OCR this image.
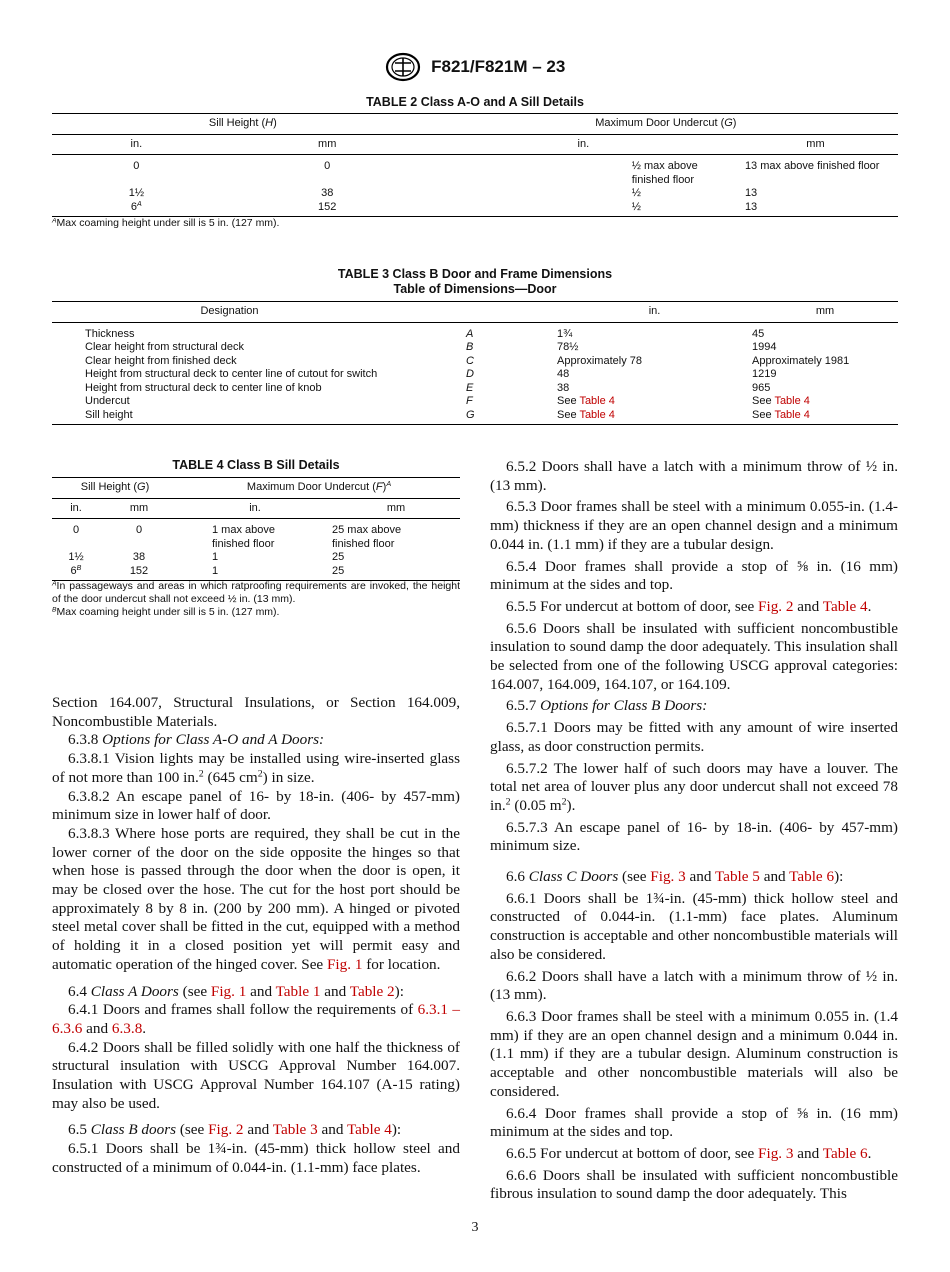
F821/F821M – 23
TABLE 2 Class A-O and A Sill Details
Sill Height (H)		Maximum Door Undercut (G)	
in.	mm	in.	mm
0	0	½ max above finished floor	13 max above finished floor
1½	38	½	13
$6^A$	152	½	13
$^A$Max coaming height under sill is 5 in. (127 mm).
TABLE 3 Class B Door and Frame Dimensions
Table of Dimensions—Door
Designation		in.	mm
Thickness	A	1¾	45
Clear height from structural deck	B	78½	1994
Clear height from finished deck	C	Approximately 78	Approximately 1981
Height from structural deck to center line of cutout for switch	D	48	1219
Height from structural deck to center line of knob	E	38	965
Undercut	F	See Table 4	See Table 4
Sill height	G	See Table 4	See Table 4
TABLE 4 Class B Sill Details
Sill Height (G)		Maximum Door Undercut $(F)^A$
in.	mm	in.	mm
0	0	1 max above finished floor	25 max above finished floor
1½	38	1	25
$6^B$	152	1	25
$^A$In passageways and areas in which ratproofing requirements are invoked, the height of the door undercut shall not exceed ½ in. (13 mm).
$^B$Max coaming height under sill is 5 in. (127 mm).

Section 164.007, Structural Insulations, or Section 164.009, Noncombustible Materials.

6.3.8 Options for Class A-O and A Doors:

6.3.8.1 Vision lights may be installed using wire-inserted glass of not more than 100 in.$^2$ (645 $cm^2$) in size.

6.3.8.2 An escape panel of 16- by 18-in. (406- by 457-mm) minimum size in lower half of door.

6.3.8.3 Where hose ports are required, they shall be cut in the lower corner of the door on the side opposite the hinges so that when hose is passed through the door when the door is open, it may be closed over the hose. The cut for the host port should be approximately 8 by 8 in. (200 by 200 mm). A hinged or pivoted steel metal cover shall be fitted in the cut, equipped with a method of holding it in a closed position yet will permit easy and automatic operation of the hinged cover. See Fig. 1 for location.

6.4 Class A Doors (see Fig. 1 and Table 1 and Table 2):

6.4.1 Doors and frames shall follow the requirements of 6.3.1 – 6.3.6 and 6.3.8.

6.4.2 Doors shall be filled solidly with one half the thickness of structural insulation with USCG Approval Number 164.007. Insulation with USCG Approval Number 164.107 (A-15 rating) may also be used.

6.5 Class B doors (see Fig. 2 and Table 3 and Table 4):

6.5.1 Doors shall be 1¾-in. (45-mm) thick hollow steel and constructed of a minimum of 0.044-in. (1.1-mm) face plates.

6.5.2 Doors shall have a latch with a minimum throw of ½ in. (13 mm).

6.5.3 Door frames shall be steel with a minimum 0.055-in. (1.4-mm) thickness if they are an open channel design and a minimum 0.044 in. (1.1 mm) if they are a tubular design.

6.5.4 Door frames shall provide a stop of ⅝ in. (16 mm) minimum at the sides and top.

6.5.5 For undercut at bottom of door, see Fig. 2 and Table 4.

6.5.6 Doors shall be insulated with sufficient noncombustible insulation to sound damp the door adequately. This insulation shall be selected from one of the following USCG approval categories: 164.007, 164.009, 164.107, or 164.109.

6.5.7 Options for Class B Doors:

6.5.7.1 Doors may be fitted with any amount of wire inserted glass, as door construction permits.

6.5.7.2 The lower half of such doors may have a louver. The total net area of louver plus any door undercut shall not exceed 78 in.$^2$ (0.05 $m^2$).

6.5.7.3 An escape panel of 16- by 18-in. (406- by 457-mm) minimum size.

6.6 Class C Doors (see Fig. 3 and Table 5 and Table 6):

6.6.1 Doors shall be 1¾-in. (45-mm) thick hollow steel and constructed of 0.044-in. (1.1-mm) face plates. Aluminum construction is acceptable and other noncombustible materials will also be considered.

6.6.2 Doors shall have a latch with a minimum throw of ½ in. (13 mm).

6.6.3 Door frames shall be steel with a minimum 0.055 in. (1.4 mm) if they are an open channel design and a minimum 0.044 in. (1.1 mm) if they are a tubular design. Aluminum construction is acceptable and other noncombustible materials will also be considered.

6.6.4 Door frames shall provide a stop of ⅝ in. (16 mm) minimum at the sides and top.

6.6.5 For undercut at bottom of door, see Fig. 3 and Table 6.

6.6.6 Doors shall be insulated with sufficient noncombustible fibrous insulation to sound damp the door adequately. This

3
